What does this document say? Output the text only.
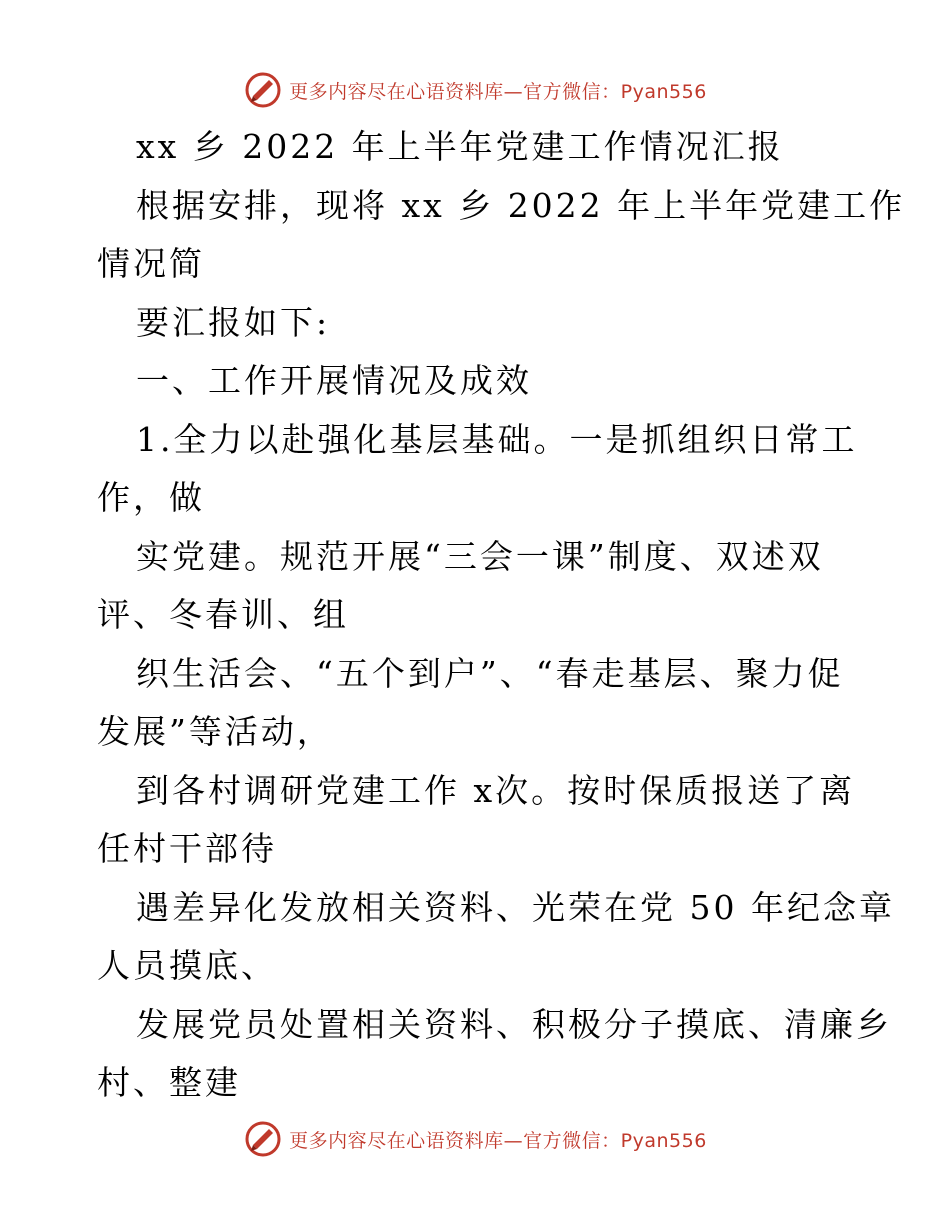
更多内容尽在心语资料库—官方微信：Pyan556
xx 乡 2022 年上半年党建工作情况汇报
根据安排，现将 xx 乡 2022 年上半年党建工作
情况简
要汇报如下:
一、工作开展情况及成效
1.全力以赴强化基层基础。一是抓组织日常工
作，做
实党建。规范开展“三会一课”制度、双述双
评、冬春训、组
织生活会、“五个到户”、“春走基层、聚力促
发展”等活动，
到各村调研党建工作 x次。按时保质报送了离
任村干部待
遇差异化发放相关资料、光荣在党 50 年纪念章
人员摸底、
发展党员处置相关资料、积极分子摸底、清廉乡
村、整建
更多内容尽在心语资料库—官方微信：Pyan556
